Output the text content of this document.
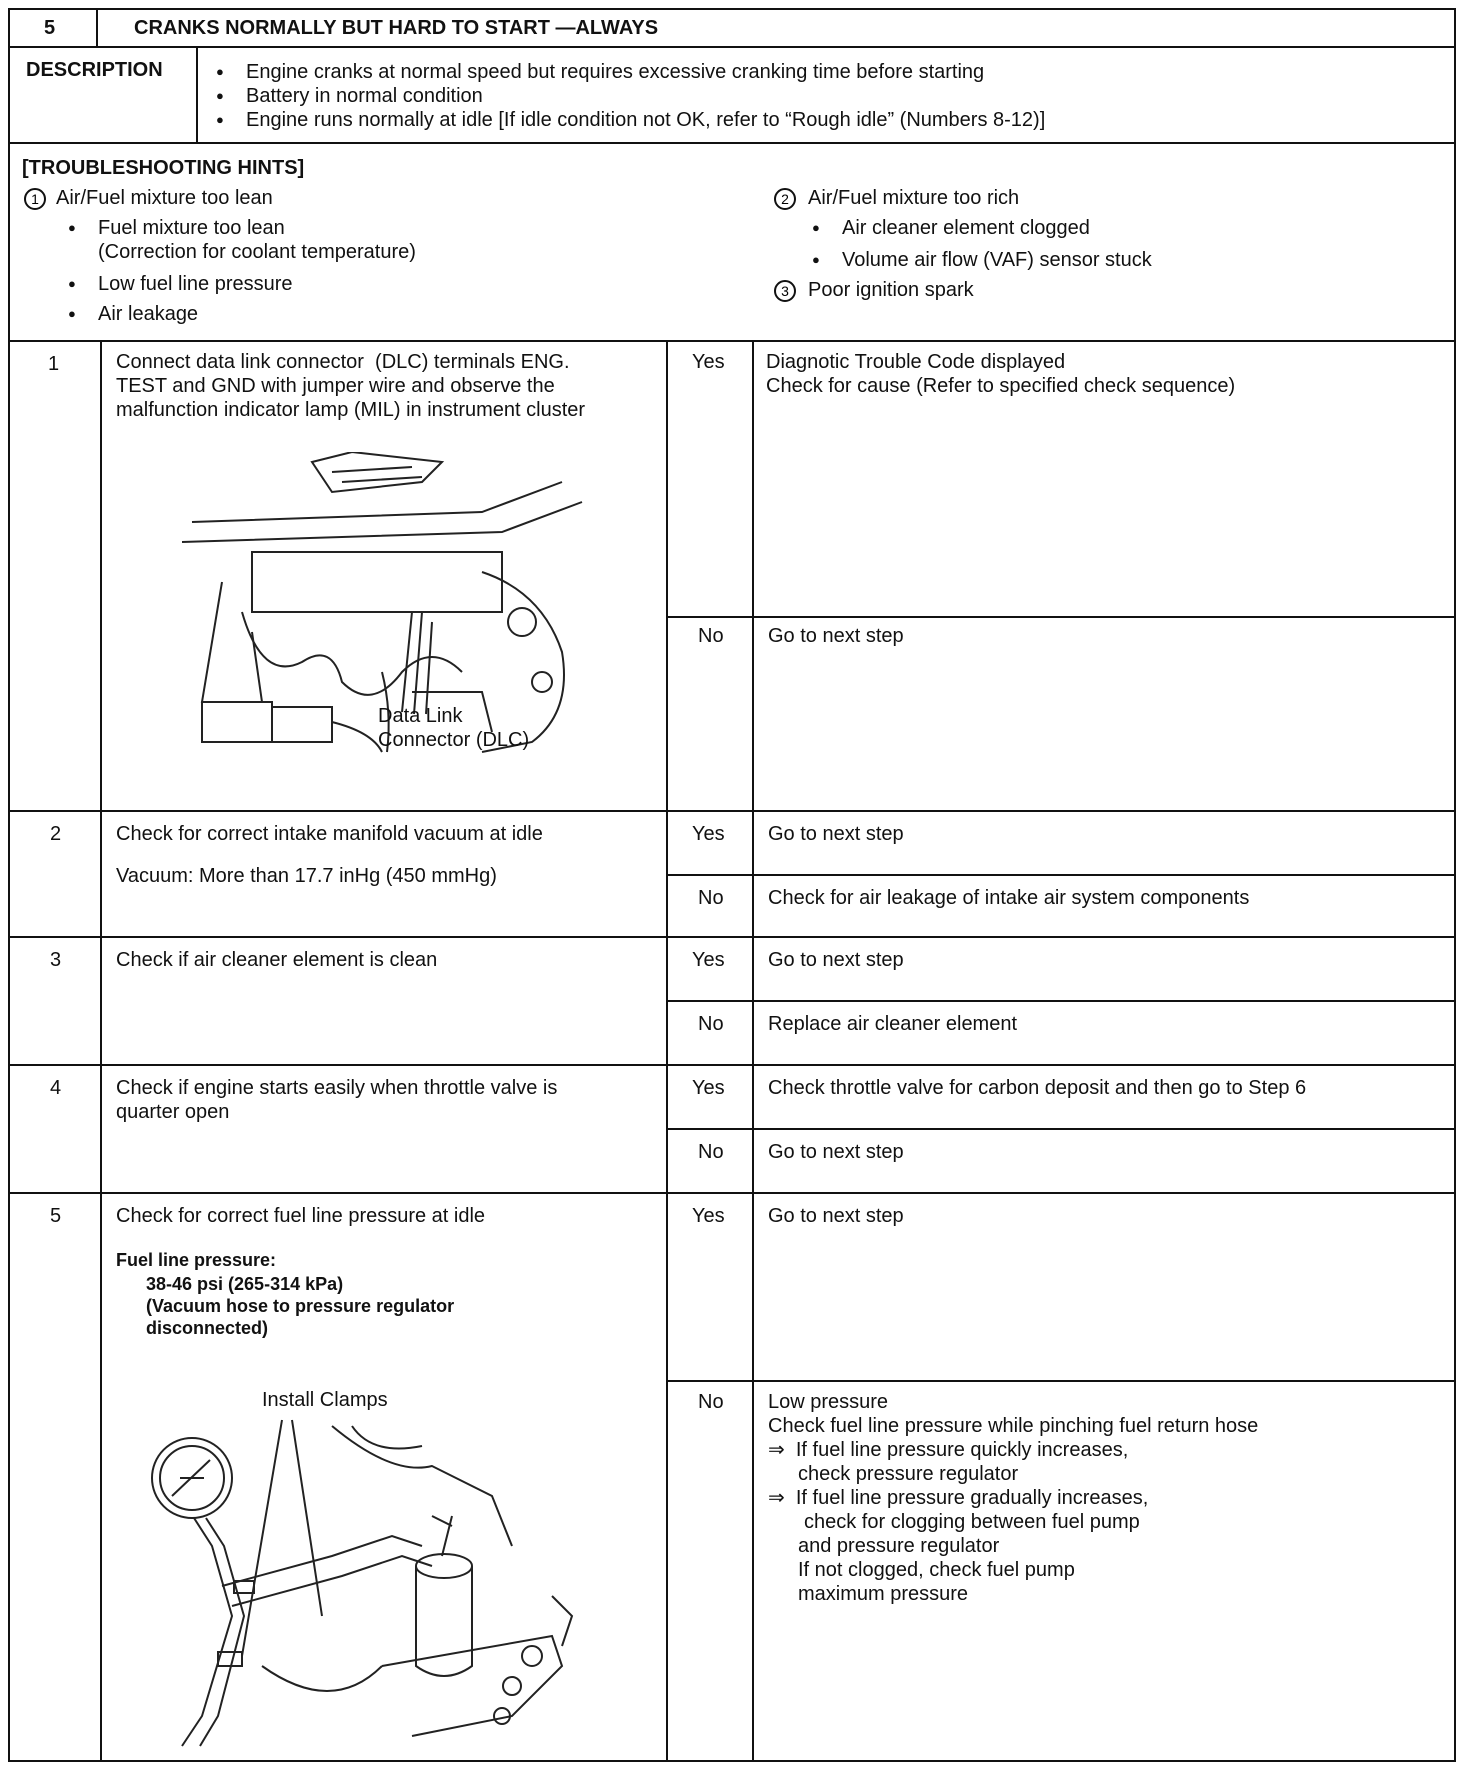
5	CRANKS NORMALLY BUT HARD TO START —ALWAYS
DESCRIPTION
●	Engine cranks at normal speed but requires excessive cranking time before starting
● Battery in normal condition
● Engine runs normally at idle [If idle condition not OK, refer to “Rough idle” (Numbers 8-12)]
[TROUBLESHOOTING HINTS]
1 Air/Fuel mixture too lean
● Fuel mixture too lean
(Correction for coolant temperature)
● Low fuel line pressure
● Air leakage
2 Air/Fuel mixture too rich
● Air cleaner element clogged
● Volume air flow (VAF) sensor stuck
3 Poor ignition spark
1	Connect data link connector  (DLC) terminals ENG.
TEST and GND with jumper wire and observe the
malfunction indicator lamp (MIL) in instrument cluster
Data Link
Connector (DLC)
Yes
No
Diagnotic Trouble Code displayed
Check for cause (Refer to specified check sequence)
Go to next step
2	Check for correct intake manifold vacuum at idle
Vacuum: More than 17.7 inHg (450 mmHg)
Yes
No
Go to next step
Check for air leakage of intake air system components
3	Check if air cleaner element is clean	Yes
No
Go to next step
Replace air cleaner element
4	Check if engine starts easily when throttle valve is
quarter open
Yes
No
Check throttle valve for carbon deposit and then go to Step 6
Go to next step
5	Check for correct fuel line pressure at idle
Fuel line pressure:
38-46 psi (265-314 kPa)
(Vacuum hose to pressure regulator
disconnected)
Install Clamps
Yes
No
Go to next step
Low pressure
Check fuel line pressure while pinching fuel return hose
⇒  If fuel line pressure quickly increases,
check pressure regulator
⇒  If fuel line pressure gradually increases,
check for clogging between fuel pump
and pressure regulator
If not clogged, check fuel pump
maximum pressure
